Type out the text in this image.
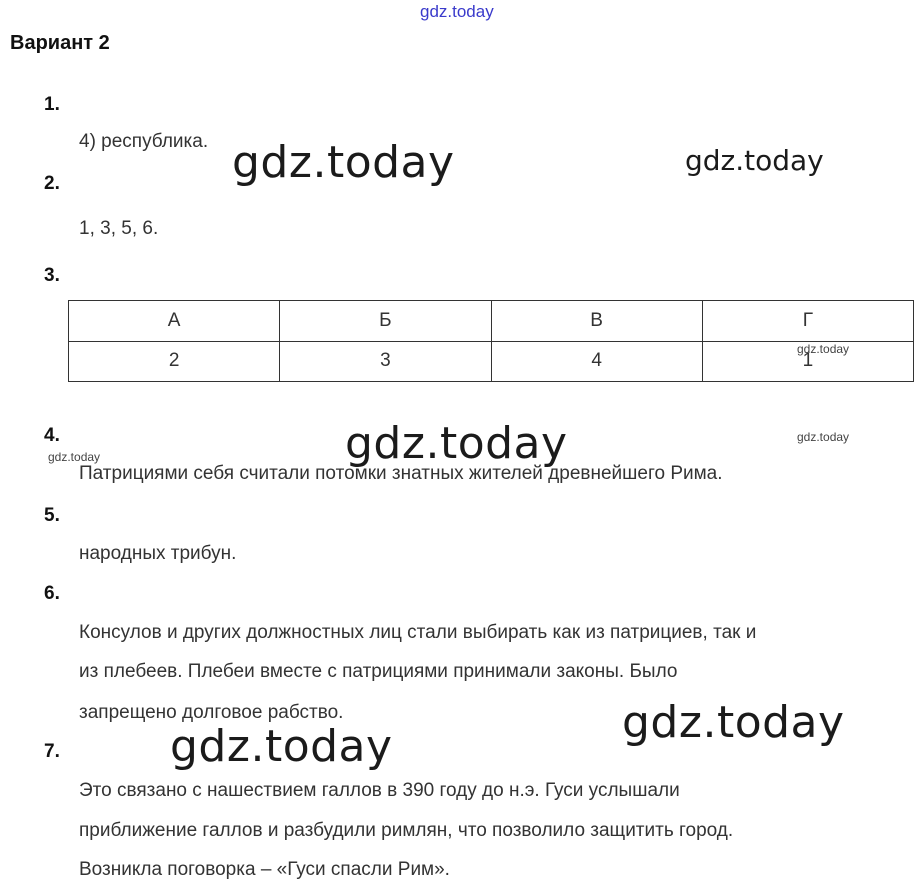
gdz.today
Вариант 2
1.
4) республика.
2.
1, 3, 5, 6.
3.
А	Б	В	Г
2	3	4	1
4.
Патрициями себя считали потомки знатных жителей древнейшего Рима.
5.
народных трибун.
6.
Консулов и других должностных лиц стали выбирать как из патрициев, так и
из плебеев. Плебеи вместе с патрициями принимали законы. Было
запрещено долговое рабство.
7.
Это связано с нашествием галлов в 390 году до н.э. Гуси услышали
приближение галлов и разбудили римлян, что позволило защитить город.
Возникла поговорка – «Гуси спасли Рим».
gdz.today	gdz.today
gdz.today
gdz.today	gdz.today
gdz.today
gdz.today
gdz.today
